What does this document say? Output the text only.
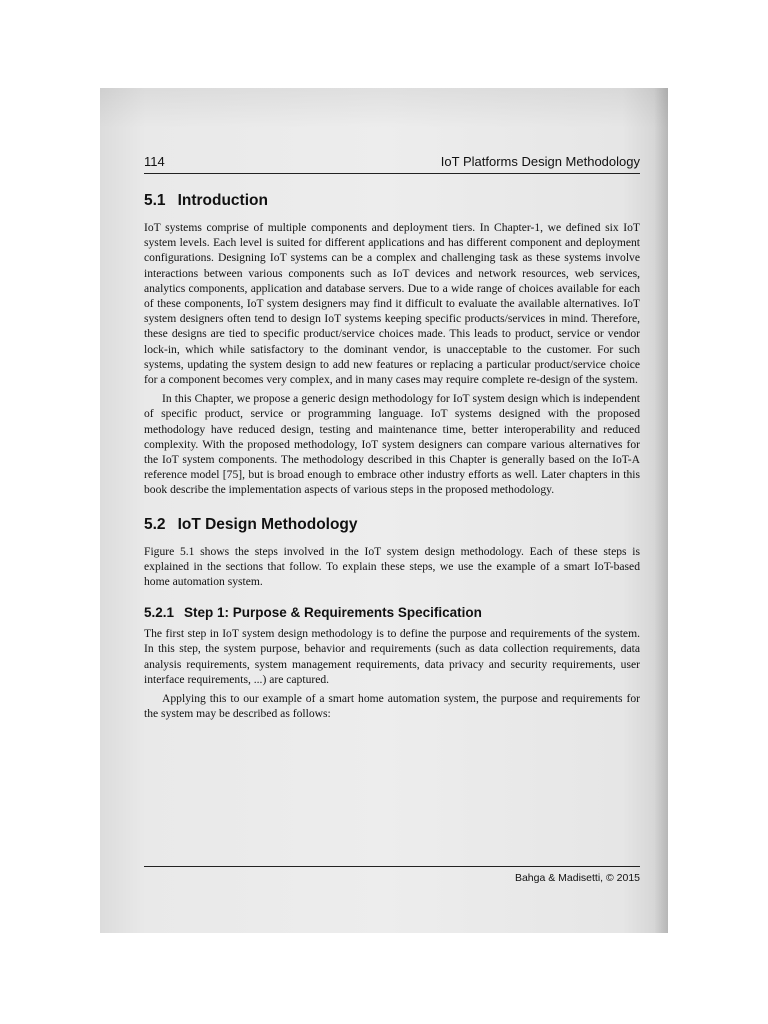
114	IoT Platforms Design Methodology
5.1 Introduction

IoT systems comprise of multiple components and deployment tiers. In Chapter-1, we defined six IoT system levels. Each level is suited for different applications and has different component and deployment configurations. Designing IoT systems can be a complex and challenging task as these systems involve interactions between various components such as IoT devices and network resources, web services, analytics components, application and database servers. Due to a wide range of choices available for each of these components, IoT system designers may find it difficult to evaluate the available alternatives. IoT system designers often tend to design IoT systems keeping specific products/services in mind. Therefore, these designs are tied to specific product/service choices made. This leads to product, service or vendor lock-in, which while satisfactory to the dominant vendor, is unacceptable to the customer. For such systems, updating the system design to add new features or replacing a particular product/service choice for a component becomes very complex, and in many cases may require complete re-design of the system.

In this Chapter, we propose a generic design methodology for IoT system design which is independent of specific product, service or programming language. IoT systems designed with the proposed methodology have reduced design, testing and maintenance time, better interoperability and reduced complexity. With the proposed methodology, IoT system designers can compare various alternatives for the IoT system components. The methodology described in this Chapter is generally based on the IoT-A reference model [75], but is broad enough to embrace other industry efforts as well. Later chapters in this book describe the implementation aspects of various steps in the proposed methodology.

5.2 IoT Design Methodology

Figure 5.1 shows the steps involved in the IoT system design methodology. Each of these steps is explained in the sections that follow. To explain these steps, we use the example of a smart IoT-based home automation system.

5.2.1 Step 1: Purpose & Requirements Specification

The first step in IoT system design methodology is to define the purpose and requirements of the system. In this step, the system purpose, behavior and requirements (such as data collection requirements, data analysis requirements, system management requirements, data privacy and security requirements, user interface requirements, ...) are captured.

Applying this to our example of a smart home automation system, the purpose and requirements for the system may be described as follows:

Bahga & Madisetti, © 2015
